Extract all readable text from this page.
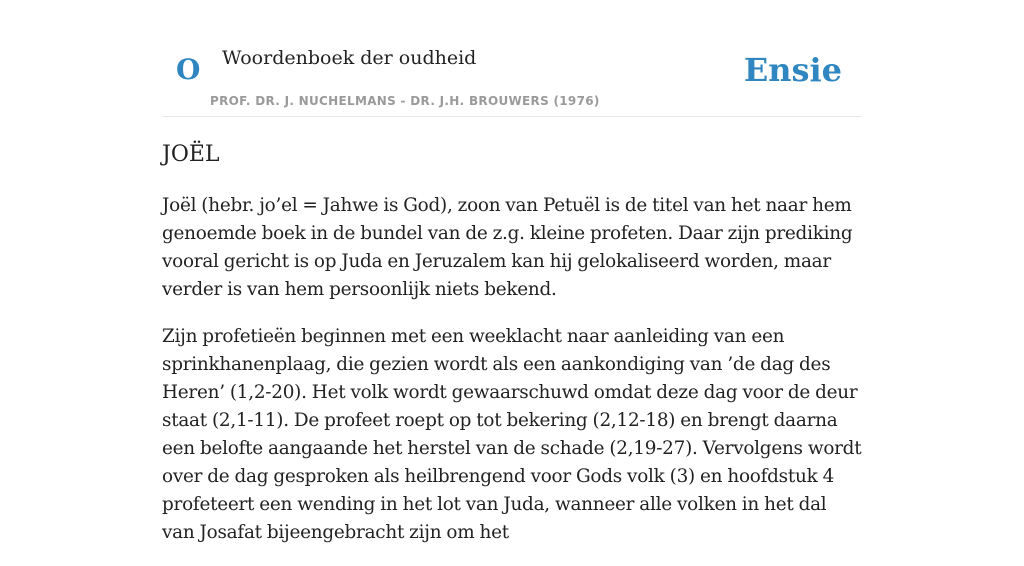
O Woordenboek der oudheid
PROF. DR. J. NUCHELMANS - DR. J.H. BROUWERS (1976)
Ensie
JOËL

Joël (hebr. jo’el = Jahwe is God), zoon van Petuël is de titel van het naar hem genoemde boek in de bundel van de z.g. kleine profeten. Daar zijn prediking vooral gericht is op Juda en Jeruzalem kan hij gelokaliseerd worden, maar verder is van hem persoonlijk niets bekend.

Zijn profetieën beginnen met een weeklacht naar aanleiding van een sprinkhanenplaag, die gezien wordt als een aankondiging van ’de dag des Heren’ (1,2-20). Het volk wordt gewaarschuwd omdat deze dag voor de deur staat (2,1-11). De profeet roept op tot bekering (2,12-18) en brengt daarna een belofte aangaande het herstel van de schade (2,19-27). Vervolgens wordt over de dag gesproken als heilbrengend voor Gods volk (3) en hoofdstuk 4 profeteert een wending in het lot van Juda, wanneer alle volken in het dal van Josafat bijeengebracht zijn om het
